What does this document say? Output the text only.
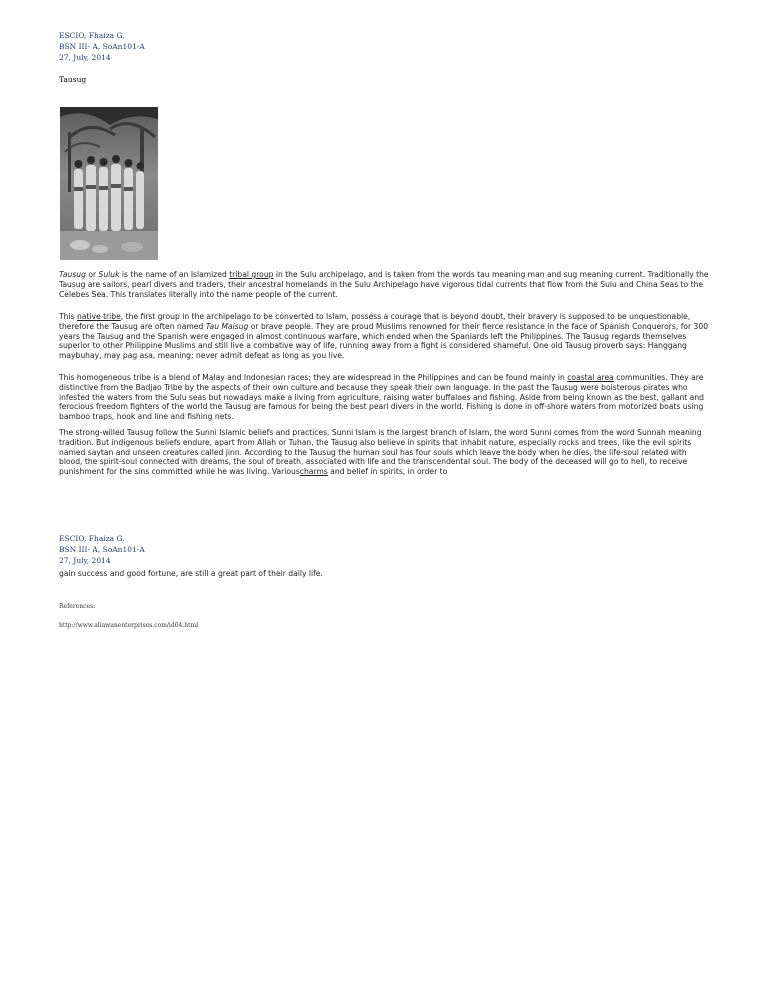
ESCIO, Fhaiza G.
BSN III- A, SoAn101-A
27, July, 2014
Tausug
Tausug or Suluk is the name of an Islamized tribal group in the Sulu archipelago, and is taken from the words tau meaning man and sug meaning current. Traditionally the Tausug are sailors, pearl divers and traders, their ancestral homelands in the Sulu Archipelago have vigorous tidal currents that flow from the Sulu and China Seas to the Celebes Sea. This translates literally into the name people of the current.
This native tribe, the first group in the archipelago to be converted to Islam, possess a courage that is beyond doubt, their bravery is supposed to be unquestionable, therefore the Tausug are often named Tau Maisug or brave people. They are proud Muslims renowned for their fierce resistance in the face of Spanish Conquerors, for 300 years the Tausug and the Spanish were engaged in almost continuous warfare, which ended when the Spaniards left the Philippines. The Tausug regards themselves superior to other Philippine Muslims and still live a combative way of life, running away from a fight is considered shameful. One old Tausug proverb says: Hanggang maybuhay, may pag asa, meaning; never admit defeat as long as you live.
This homogeneous tribe is a blend of Malay and Indonesian races; they are widespread in the Philippines and can be found mainly in coastal area communities. They are distinctive from the Badjao Tribe by the aspects of their own culture and because they speak their own language. In the past the Tausug were boisterous pirates who infested the waters from the Sulu seas but nowadays make a living from agriculture, raising water buffaloes and fishing. Aside from being known as the best, gallant and ferocious freedom fighters of the world the Tausug are famous for being the best pearl divers in the world. Fishing is done in off-shore waters from motorized boats using bamboo traps, hook and line and fishing nets.
The strong-willed Tausug follow the Sunni Islamic beliefs and practices, Sunni Islam is the largest branch of Islam, the word Sunni comes from the word Sunnah meaning tradition. But indigenous beliefs endure, apart from Allah or Tuhan, the Tausug also believe in spirits that inhabit nature, especially rocks and trees, like the evil spirits named saytan and unseen creatures called jinn. According to the Tausug the human soul has four souls which leave the body when he dies, the life-soul related with blood, the spirit-soul connected with dreams, the soul of breath, associated with life and the transcendental soul. The body of the deceased will go to hell, to receive punishment for the sins committed while he was living. Variouscharms and belief in spirits, in order to
ESCIO, Fhaiza G.
BSN III- A, SoAn101-A
27, July, 2014
gain success and good fortune, are still a great part of their daily life.
References:
http://www.aliawanenterprises.com/id64.html
